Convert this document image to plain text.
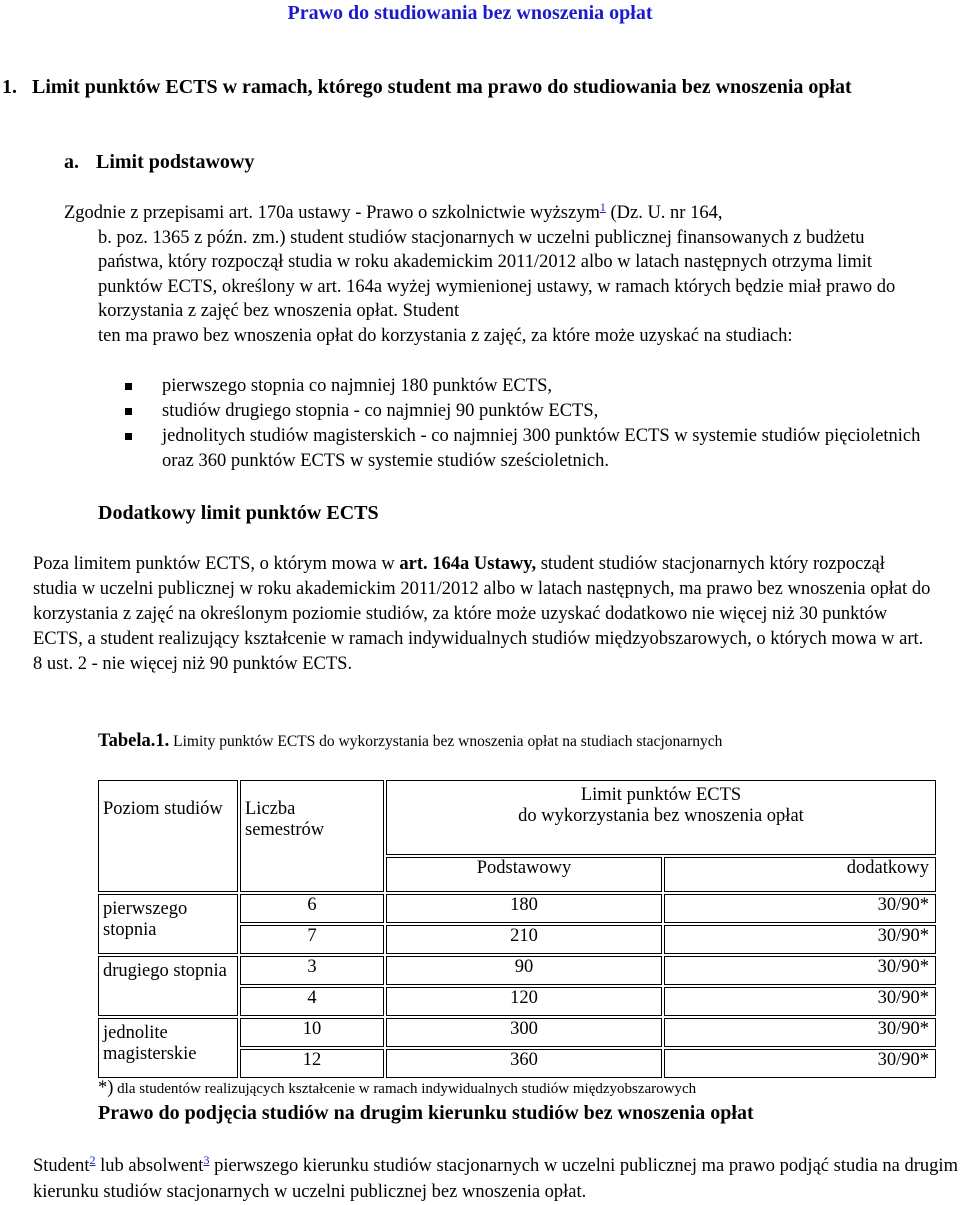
Prawo do studiowania bez wnoszenia opłat
1. Limit punktów ECTS w ramach, którego student ma prawo do studiowania bez wnoszenia opłat
a. Limit podstawowy
Zgodnie z przepisami art. 170a ustawy - Prawo o szkolnictwie wyższym$^1$ (Dz. U. nr 164,
b. poz. 1365 z późn. zm.) student studiów stacjonarnych w uczelni publicznej finansowanych z budżetu państwa, który rozpoczął studia w roku akademickim 2011/2012 albo w latach następnych otrzyma limit punktów ECTS, określony w art. 164a wyżej wymienionej ustawy, w ramach których będzie miał prawo do korzystania z zajęć bez wnoszenia opłat. Student
ten ma prawo bez wnoszenia opłat do korzystania z zajęć, za które może uzyskać na studiach:
pierwszego stopnia co najmniej 180 punktów ECTS,
studiów drugiego stopnia - co najmniej 90 punktów ECTS,
jednolitych studiów magisterskich - co najmniej 300 punktów ECTS w systemie studiów pięcioletnich oraz 360 punktów ECTS w systemie studiów sześcioletnich.
Dodatkowy limit punktów ECTS
Poza limitem punktów ECTS, o którym mowa w art. 164a Ustawy, student studiów stacjonarnych który rozpoczął studia w uczelni publicznej w roku akademickim 2011/2012 albo w latach następnych, ma prawo bez wnoszenia opłat do korzystania z zajęć na określonym poziomie studiów, za które może uzyskać dodatkowo nie więcej niż 30 punktów ECTS, a student realizujący kształcenie w ramach indywidualnych studiów międzyobszarowych, o których mowa w art. 8 ust. 2 - nie więcej niż 90 punktów ECTS.
Tabela.1. Limity punktów ECTS do wykorzystania bez wnoszenia opłat na studiach stacjonarnych
Poziom studiów	Liczba semestrów	Limit punktów ECTS
do wykorzystania bez wnoszenia opłat	
		Podstawowy	dodatkowy
pierwszego stopnia	6	180	30/90*
	7	210	30/90*
drugiego stopnia	3	90	30/90*
	4	120	30/90*
jednolite magisterskie	10	300	30/90*
	12	360	30/90*
*) dla studentów realizujących kształcenie w ramach indywidualnych studiów międzyobszarowych
Prawo do podjęcia studiów na drugim kierunku studiów bez wnoszenia opłat
Student$^2$ lub absolwent$^3$ pierwszego kierunku studiów stacjonarnych w uczelni publicznej ma prawo podjąć studia na drugim kierunku studiów stacjonarnych w uczelni publicznej bez wnoszenia opłat.
